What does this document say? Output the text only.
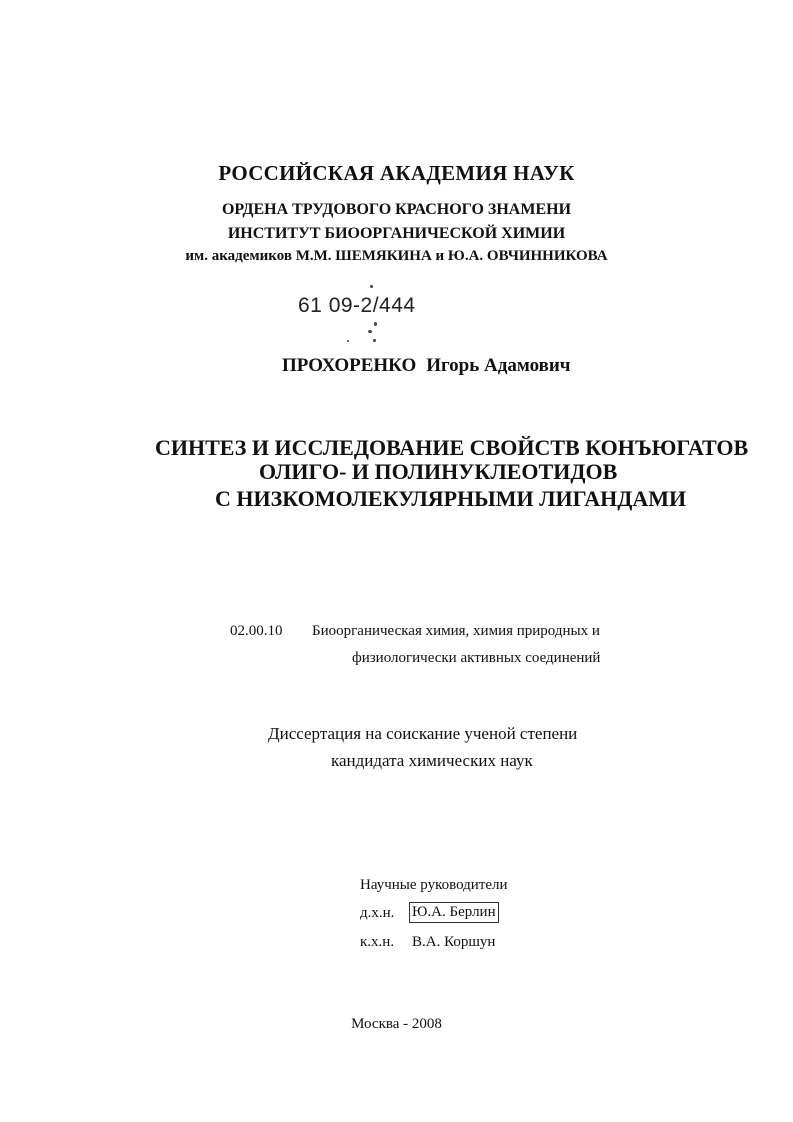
РОССИЙСКАЯ АКАДЕМИЯ НАУК
ОРДЕНА ТРУДОВОГО КРАСНОГО ЗНАМЕНИ
ИНСТИТУТ БИООРГАНИЧЕСКОЙ ХИМИИ
им. академиков М.М. ШЕМЯКИНА и Ю.А. ОВЧИННИКОВА
61 09-2/444
ПРОХОРЕНКО Игорь Адамович
СИНТЕЗ И ИССЛЕДОВАНИЕ СВОЙСТВ КОНЪЮГАТОВ
ОЛИГО- И ПОЛИНУКЛЕОТИДОВ
С НИЗКОМОЛЕКУЛЯРНЫМИ ЛИГАНДАМИ
02.00.10 Биоорганическая химия, химия природных и
физиологически активных соединений
Диссертация на соискание ученой степени
кандидата химических наук
Научные руководители
д.х.н. Ю.А. Берлин
к.х.н. В.А. Коршун
Москва - 2008
